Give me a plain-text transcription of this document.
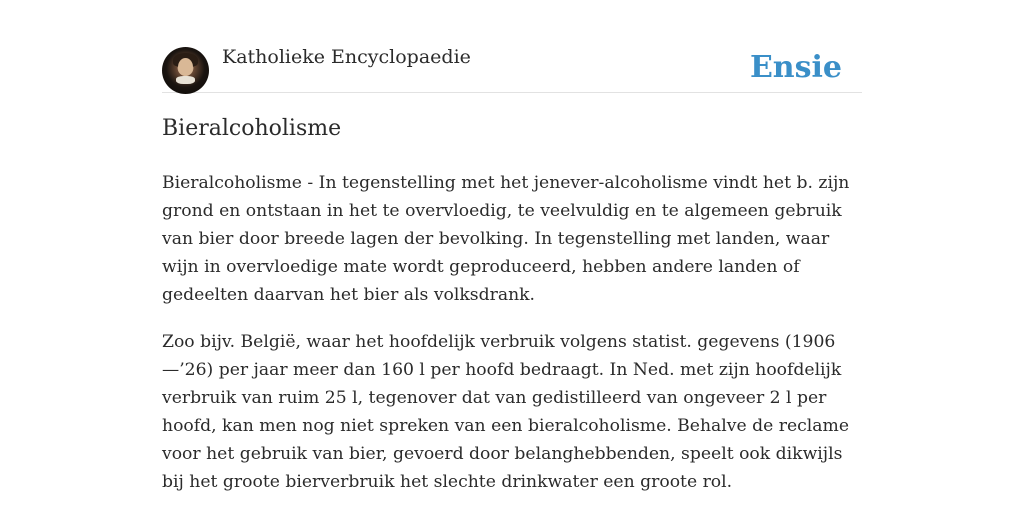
Katholieke Encyclopaedie	Ensie
Bieralcoholisme

Bieralcoholisme - In tegenstelling met het jenever-alcoholisme vindt het b. zijn grond en ontstaan in het te overvloedig, te veelvuldig en te algemeen gebruik van bier door breede lagen der bevolking. In tegenstelling met landen, waar wijn in overvloedige mate wordt geproduceerd, hebben andere landen of gedeelten daarvan het bier als volksdrank.

Zoo bijv. België, waar het hoofdelijk verbruik volgens statist. gegevens (1906 —’26) per jaar meer dan 160 l per hoofd bedraagt. In Ned. met zijn hoofdelijk verbruik van ruim 25 l, tegenover dat van gedistilleerd van ongeveer 2 l per hoofd, kan men nog niet spreken van een bieralcoholisme. Behalve de reclame voor het gebruik van bier, gevoerd door belanghebbenden, speelt ook dikwijls bij het groote bierverbruik het slechte drinkwater een groote rol.
